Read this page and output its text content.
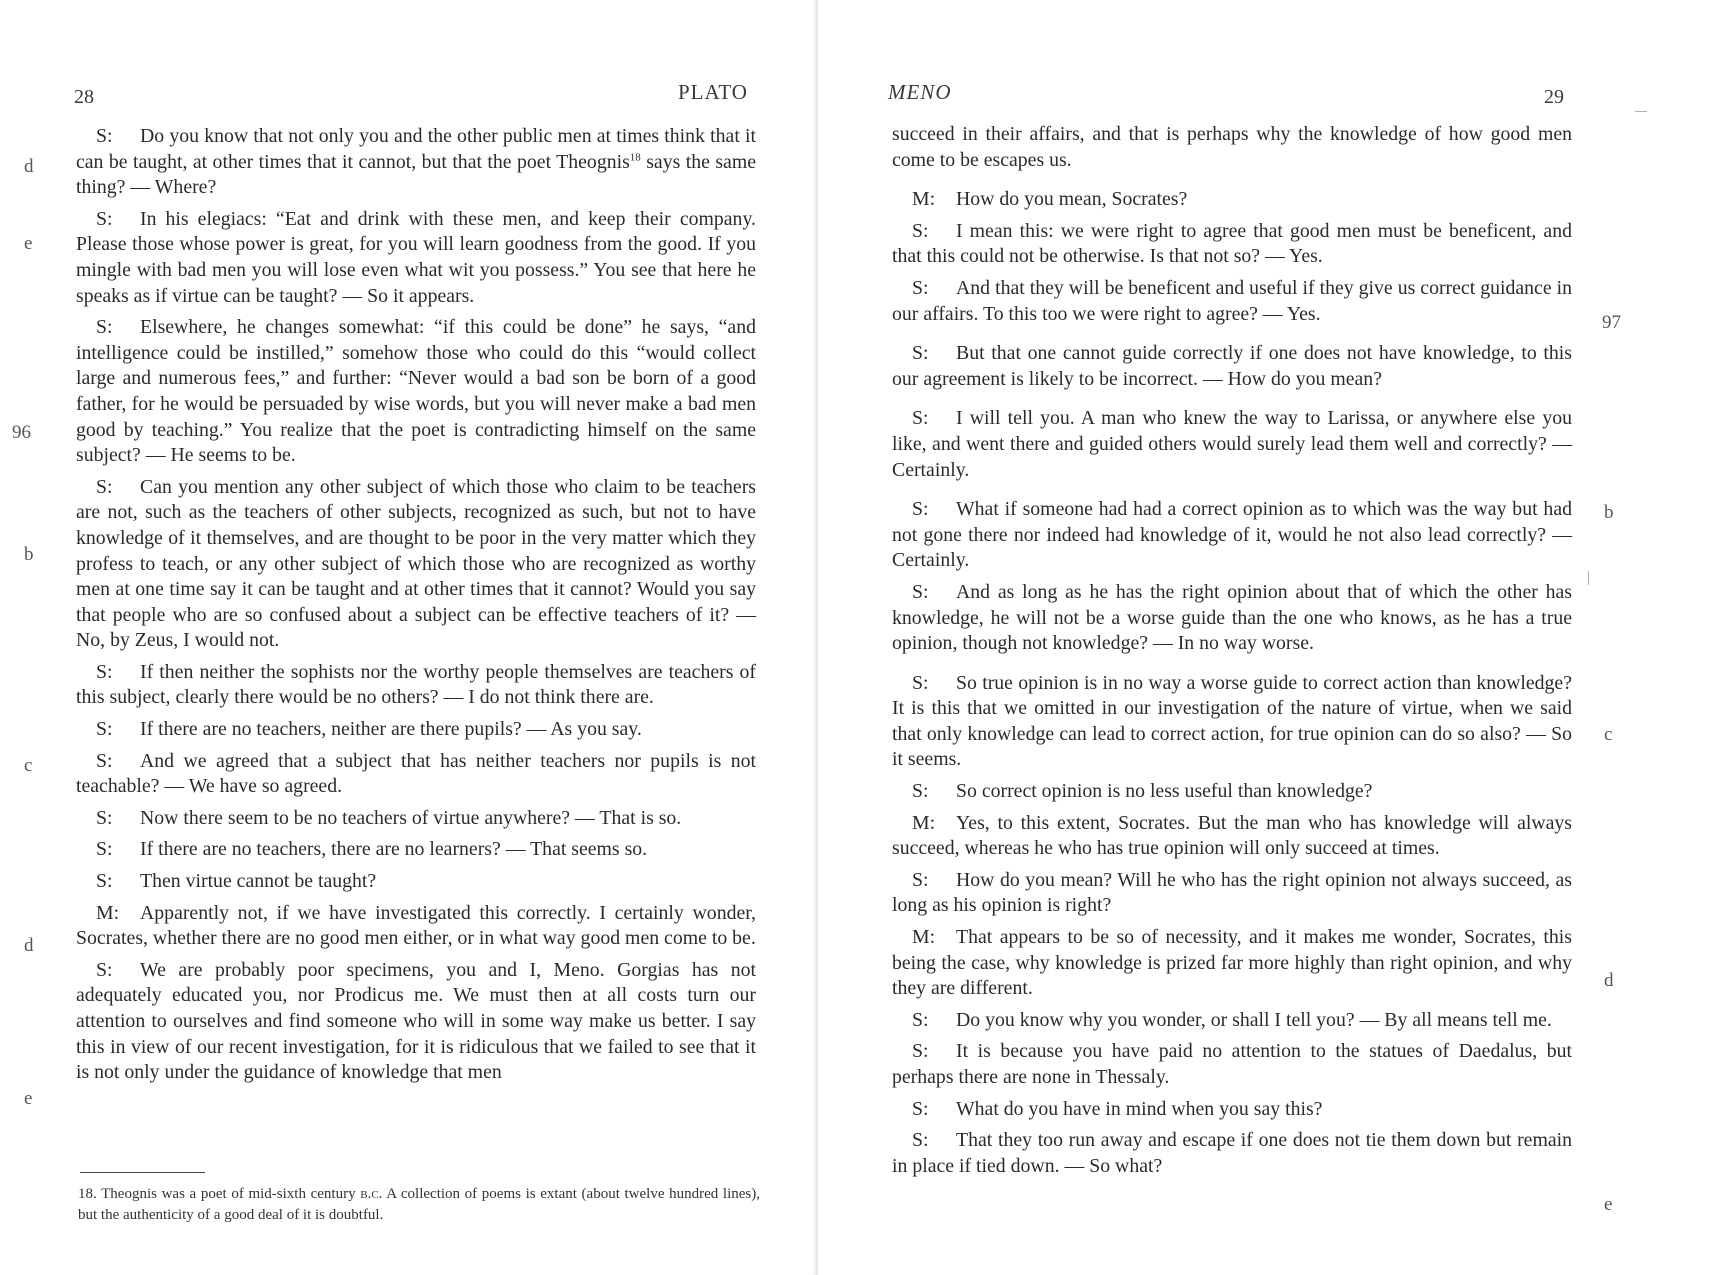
28	PLATO
d
e
96
b
c
d
e

S: Do you know that not only you and the other public men at times think that it can be taught, at other times that it cannot, but that the poet Theognis$^{18}$ says the same thing? — Where?

S: In his elegiacs: “Eat and drink with these men, and keep their company. Please those whose power is great, for you will learn goodness from the good. If you mingle with bad men you will lose even what wit you possess.” You see that here he speaks as if virtue can be taught? — So it appears.

S: Elsewhere, he changes somewhat: “if this could be done” he says, “and intelligence could be instilled,” somehow those who could do this “would collect large and numerous fees,” and further: “Never would a bad son be born of a good father, for he would be persuaded by wise words, but you will never make a bad men good by teaching.” You realize that the poet is contradicting himself on the same subject? — He seems to be.

S: Can you mention any other subject of which those who claim to be teachers are not, such as the teachers of other subjects, recognized as such, but not to have knowledge of it themselves, and are thought to be poor in the very matter which they profess to teach, or any other subject of which those who are recognized as worthy men at one time say it can be taught and at other times that it cannot? Would you say that people who are so confused about a subject can be effective teachers of it? — No, by Zeus, I would not.

S: If then neither the sophists nor the worthy people themselves are teachers of this subject, clearly there would be no others? — I do not think there are.

S: If there are no teachers, neither are there pupils? — As you say.

S: And we agreed that a subject that has neither teachers nor pupils is not teachable? — We have so agreed.

S: Now there seem to be no teachers of virtue anywhere? — That is so.

S: If there are no teachers, there are no learners? — That seems so.

S: Then virtue cannot be taught?

M: Apparently not, if we have investigated this correctly. I certainly wonder, Socrates, whether there are no good men either, or in what way good men come to be.

S: We are probably poor specimens, you and I, Meno. Gorgias has not adequately educated you, nor Prodicus me. We must then at all costs turn our attention to ourselves and find someone who will in some way make us better. I say this in view of our recent investigation, for it is ridiculous that we failed to see that it is not only under the guidance of knowledge that men

18. Theognis was a poet of mid-sixth century b.c. A collection of poems is extant (about twelve hundred lines), but the authenticity of a good deal of it is doubtful.
MENO	29
97
b
c
d
e

succeed in their affairs, and that is perhaps why the knowledge of how good men come to be escapes us.

M: How do you mean, Socrates?

S: I mean this: we were right to agree that good men must be beneficent, and that this could not be otherwise. Is that not so? — Yes.

S: And that they will be beneficent and useful if they give us correct guidance in our affairs. To this too we were right to agree? — Yes.

S: But that one cannot guide correctly if one does not have knowledge, to this our agreement is likely to be incorrect. — How do you mean?

S: I will tell you. A man who knew the way to Larissa, or anywhere else you like, and went there and guided others would surely lead them well and correctly? — Certainly.

S: What if someone had had a correct opinion as to which was the way but had not gone there nor indeed had knowledge of it, would he not also lead correctly? — Certainly.

S: And as long as he has the right opinion about that of which the other has knowledge, he will not be a worse guide than the one who knows, as he has a true opinion, though not knowledge? — In no way worse.

S: So true opinion is in no way a worse guide to correct action than knowledge? It is this that we omitted in our investigation of the nature of virtue, when we said that only knowledge can lead to correct action, for true opinion can do so also? — So it seems.

S: So correct opinion is no less useful than knowledge?

M: Yes, to this extent, Socrates. But the man who has knowledge will always succeed, whereas he who has true opinion will only succeed at times.

S: How do you mean? Will he who has the right opinion not always succeed, as long as his opinion is right?

M: That appears to be so of necessity, and it makes me wonder, Socrates, this being the case, why knowledge is prized far more highly than right opinion, and why they are different.

S: Do you know why you wonder, or shall I tell you? — By all means tell me.

S: It is because you have paid no attention to the statues of Daedalus, but perhaps there are none in Thessaly.

S: What do you have in mind when you say this?

S: That they too run away and escape if one does not tie them down but remain in place if tied down. — So what?
